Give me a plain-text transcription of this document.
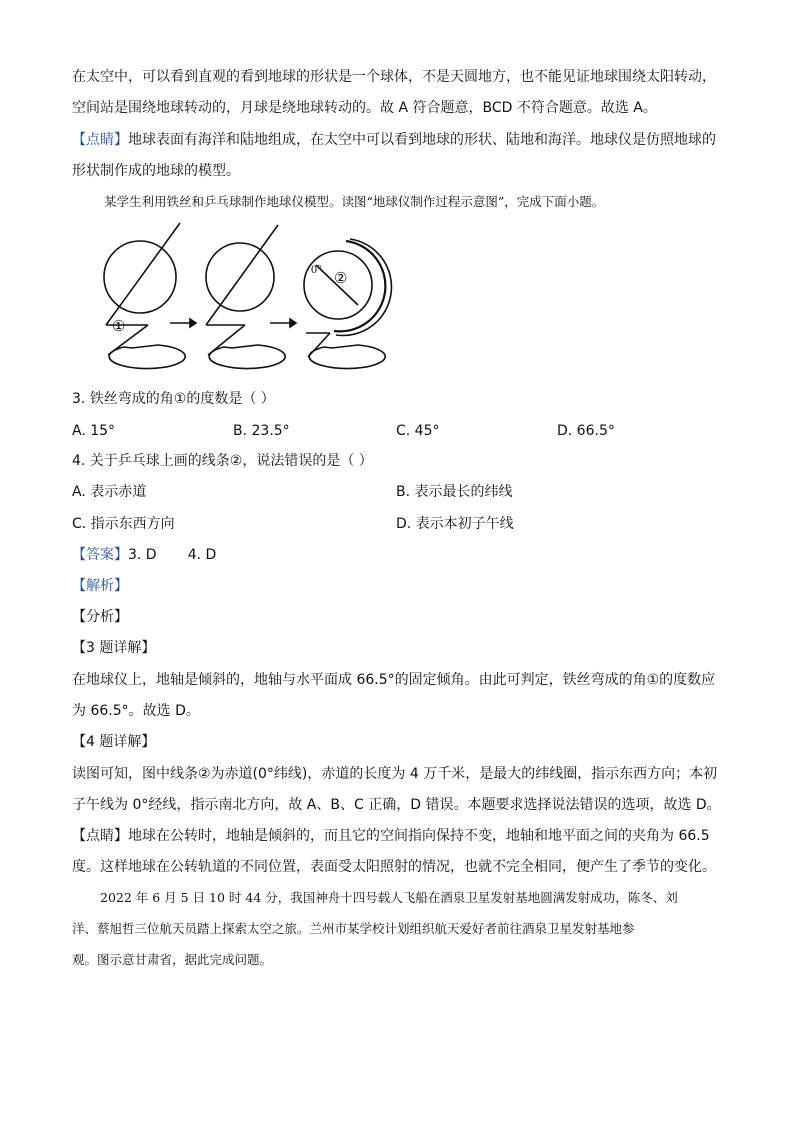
在太空中，可以看到直观的看到地球的形状是一个球体，不是天圆地方，也不能见证地球围绕太阳转动，
空间站是围绕地球转动的，月球是绕地球转动的。故 A 符合题意，BCD 不符合题意。故选 A。
【点睛】地球表面有海洋和陆地组成，在太空中可以看到地球的形状、陆地和海洋。地球仪是仿照地球的
形状制作成的地球的模型。
某学生利用铁丝和乒乓球制作地球仪模型。读图“地球仪制作过程示意图”，完成下面小题。
①
②
0°
3. 铁丝弯成的角①的度数是（ ）
A. 15°	B. 23.5°	C. 45°	D. 66.5°
4. 关于乒乓球上画的线条②，说法错误的是（ ）
A. 表示赤道	B. 表示最长的纬线
C. 指示东西方向	D. 表示本初子午线
【答案】3. D       4. D
【解析】
【分析】
【3 题详解】
在地球仪上，地轴是倾斜的，地轴与水平面成 66.5°的固定倾角。由此可判定，铁丝弯成的角①的度数应
为 66.5°。故选 D。
【4 题详解】
读图可知，图中线条②为赤道(0°纬线)，赤道的长度为 4 万千米，是最大的纬线圈，指示东西方向；本初
子午线为 0°经线，指示南北方向，故 A、B、C 正确，D 错误。本题要求选择说法错误的选项，故选 D。
【点睛】地球在公转时，地轴是倾斜的，而且它的空间指向保持不变，地轴和地平面之间的夹角为 66.5
度。这样地球在公转轨道的不同位置，表面受太阳照射的情况，也就不完全相同，便产生了季节的变化。
2022 年 6 月 5 日 10 时 44 分，我国神舟十四号载人飞船在酒泉卫星发射基地圆满发射成功，陈冬、刘
洋、蔡旭哲三位航天员踏上探索太空之旅。兰州市某学校计划组织航天爱好者前往酒泉卫星发射基地参
观。图示意甘肃省，据此完成问题。
